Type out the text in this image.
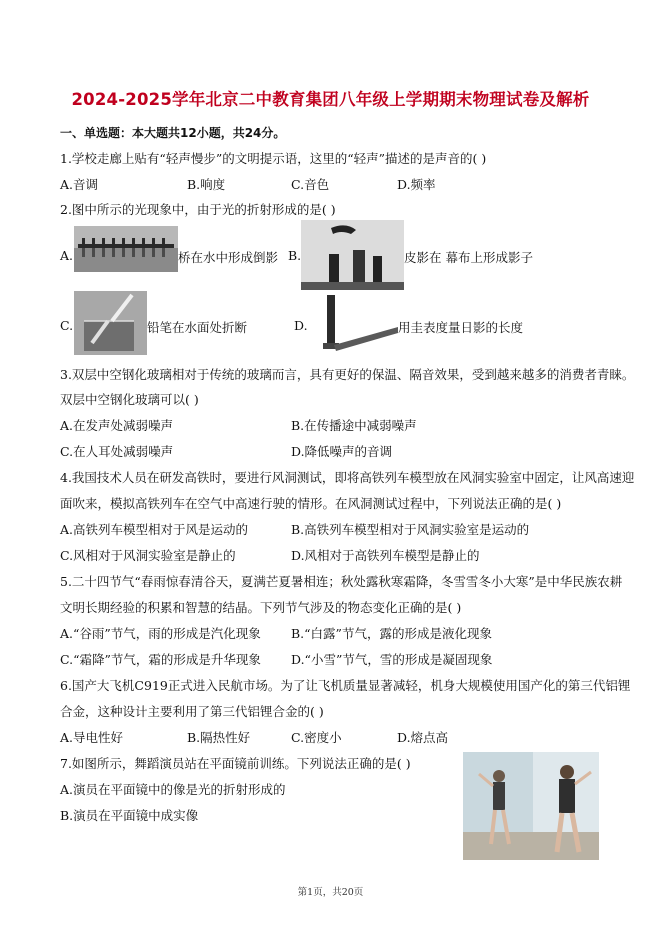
2024-2025学年北京二中教育集团八年级上学期期末物理试卷及解析
一、单选题：本大题共12小题，共24分。
1.学校走廊上贴有“轻声慢步”的文明提示语，这里的“轻声”描述的是声音的( )
A.音调	B.响度	C.音色	D.频率
2.图中所示的光现象中，由于光的折射形成的是( )
A.	桥在水中形成倒影 B.	皮影在 幕布上形成影子
C.	铅笔在水面处折断	D.	用圭表度量日影的长度
3.双层中空钢化玻璃相对于传统的玻璃而言，具有更好的保温、隔音效果，受到越来越多的消费者青睐。
双层中空钢化玻璃可以( )
A.在发声处减弱噪声	B.在传播途中减弱噪声
C.在人耳处减弱噪声	D.降低噪声的音调
4.我国技术人员在研发高铁时，要进行风洞测试，即将高铁列车模型放在风洞实验室中固定，让风高速迎
面吹来，模拟高铁列车在空气中高速行驶的情形。在风洞测试过程中，下列说法正确的是( )
A.高铁列车模型相对于风是运动的	B.高铁列车模型相对于风洞实验室是运动的
C.风相对于风洞实验室是静止的	D.风相对于高铁列车模型是静止的
5.二十四节气“春雨惊春清谷天，夏满芒夏暑相连；秋处露秋寒霜降，冬雪雪冬小大寒”是中华民族农耕
文明长期经验的积累和智慧的结晶。下列节气涉及的物态变化正确的是( )
A.“谷雨”节气，雨的形成是汽化现象 B.“白露”节气，露的形成是液化现象
C.“霜降”节气，霜的形成是升华现象 D.“小雪”节气，雪的形成是凝固现象
6.国产大飞机C919正式进入民航市场。为了让飞机质量显著减轻，机身大规模使用国产化的第三代铝锂
合金，这种设计主要利用了第三代铝锂合金的( )
A.导电性好	B.隔热性好	C.密度小	D.熔点高
7.如图所示，舞蹈演员站在平面镜前训练。下列说法正确的是( )
A.演员在平面镜中的像是光的折射形成的
B.演员在平面镜中成实像
第1页，共20页
